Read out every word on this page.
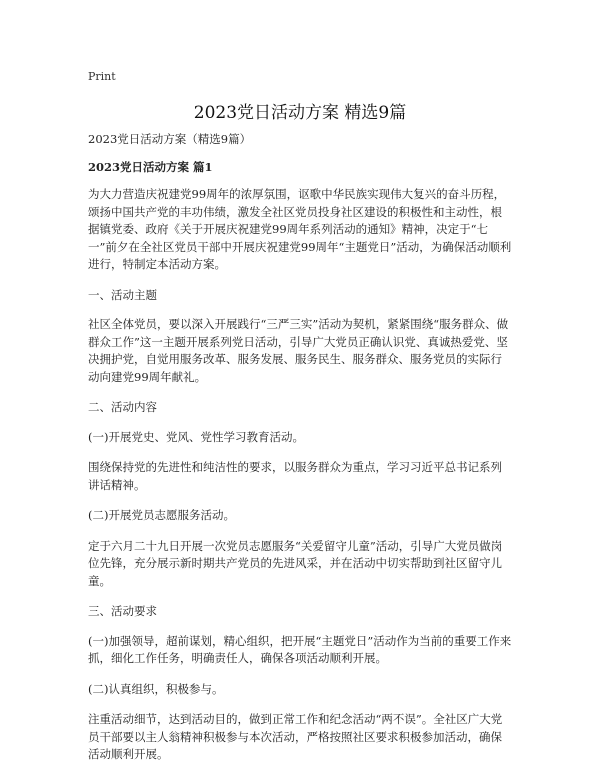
Print
2023党日活动方案 精选9篇

2023党日活动方案（精选9篇）

2023党日活动方案 篇1

为大力营造庆祝建党99周年的浓厚氛围，讴歌中华民族实现伟大复兴的奋斗历程，颂扬中国共产党的丰功伟绩，激发全社区党员投身社区建设的积极性和主动性，根据镇党委、政府《关于开展庆祝建党99周年系列活动的通知》精神，决定于“七一”前夕在全社区党员干部中开展庆祝建党99周年“主题党日”活动，为确保活动顺利进行，特制定本活动方案。

一、活动主题

社区全体党员，要以深入开展践行“三严三实”活动为契机，紧紧围绕“服务群众、做群众工作”这一主题开展系列党日活动，引导广大党员正确认识党、真诚热爱党、坚决拥护党，自觉用服务改革、服务发展、服务民生、服务群众、服务党员的实际行动向建党99周年献礼。

二、活动内容

(一)开展党史、党风、党性学习教育活动。

围绕保持党的先进性和纯洁性的要求，以服务群众为重点，学习习近平总书记系列讲话精神。

(二)开展党员志愿服务活动。

定于六月二十九日开展一次党员志愿服务“关爱留守儿童”活动，引导广大党员做岗位先锋，充分展示新时期共产党员的先进风采，并在活动中切实帮助到社区留守儿童。

三、活动要求

(一)加强领导，超前谋划，精心组织，把开展“主题党日”活动作为当前的重要工作来抓，细化工作任务，明确责任人，确保各项活动顺利开展。

(二)认真组织，积极参与。

注重活动细节，达到活动目的，做到正常工作和纪念活动“两不误”。全社区广大党员干部要以主人翁精神积极参与本次活动，严格按照社区要求积极参加活动，确保活动顺利开展。
